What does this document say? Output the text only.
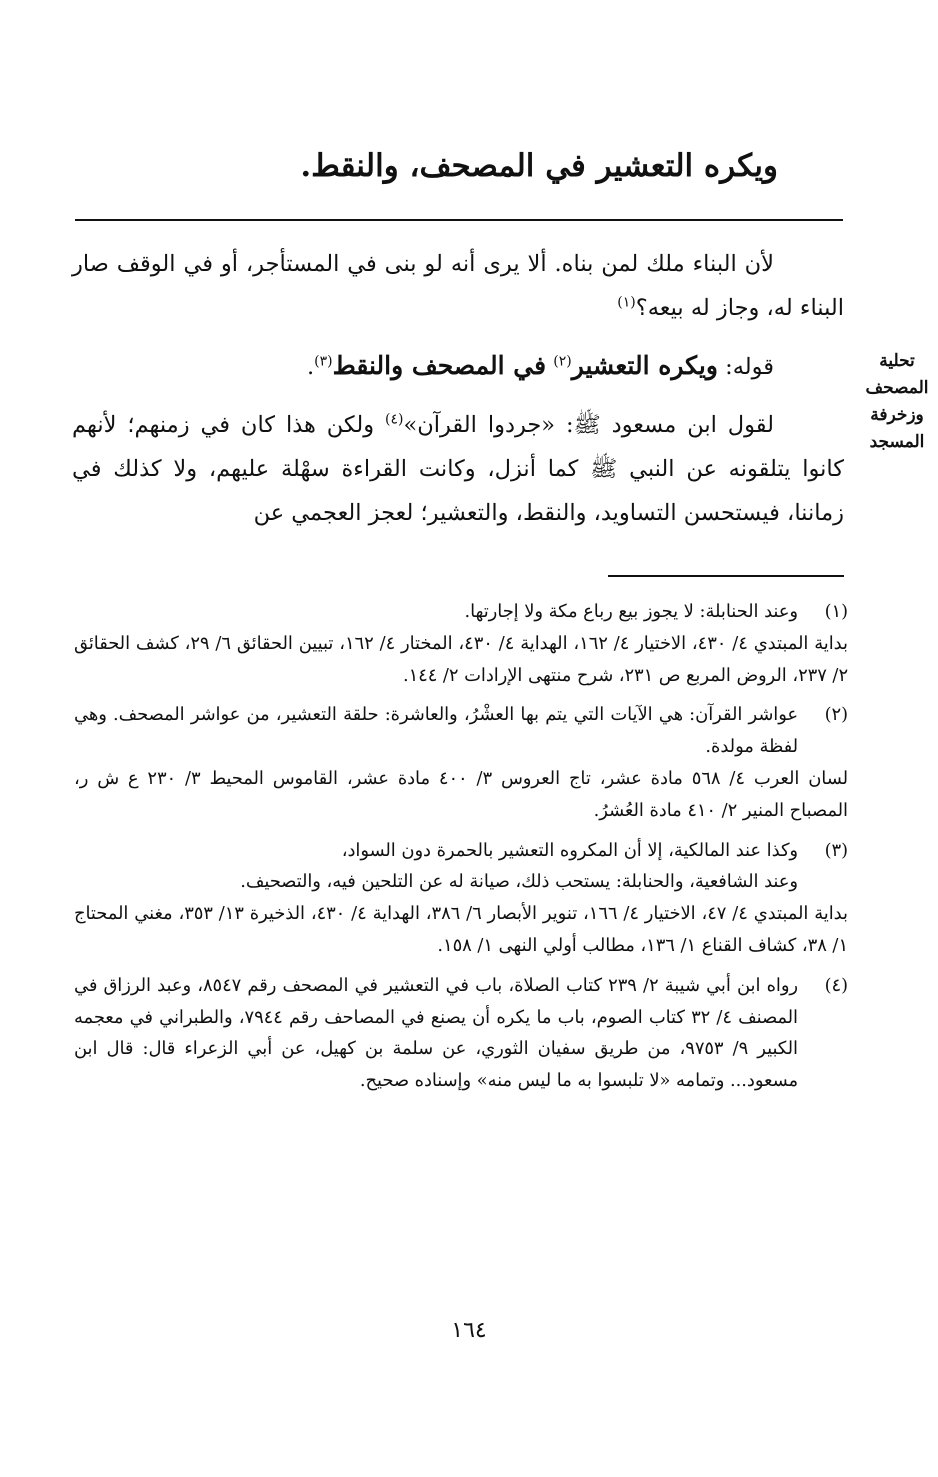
ويكره التعشير في المصحف، والنقط.
تحلية
المصحف
وزخرفة
المسجد

لأن البناء ملك لمن بناه. ألا يرى أنه لو بنى في المستأجر، أو في الوقف صار البناء له، وجاز له بيعه؟$^{(١)}$

قوله: ويكره التعشير$^{(٢)}$ في المصحف والنقط$^{(٣)}$.

لقول ابن مسعود ﷺ: «جردوا القرآن»$^{(٤)}$ ولكن هذا كان في زمنهم؛ لأنهم كانوا يتلقونه عن النبي ﷺ كما أنزل، وكانت القراءة سهْلة عليهم، ولا كذلك في زماننا، فيستحسن التساويد، والنقط، والتعشير؛ لعجز العجمي عن

(١)

وعند الحنابلة: لا يجوز بيع رباع مكة ولا إجارتها.

بداية المبتدي ٤/ ٤٣٠، الاختيار ٤/ ١٦٢، الهداية ٤/ ٤٣٠، المختار ٤/ ١٦٢، تبيين الحقائق ٦/ ٢٩، كشف الحقائق ٢/ ٢٣٧، الروض المربع ص ٢٣١، شرح منتهى الإرادات ٢/ ١٤٤.

(٢)

عواشر القرآن: هي الآيات التي يتم بها العشْرُ، والعاشرة: حلقة التعشير، من عواشر المصحف. وهي لفظة مولدة.

لسان العرب ٤/ ٥٦٨ مادة عشر، تاج العروس ٣/ ٤٠٠ مادة عشر، القاموس المحيط ٣/ ٢٣٠ ع ش ر، المصباح المنير ٢/ ٤١٠ مادة العُشرُ.

(٣)

وكذا عند المالكية، إلا أن المكروه التعشير بالحمرة دون السواد،

وعند الشافعية، والحنابلة: يستحب ذلك، صيانة له عن التلحين فيه، والتصحيف.

بداية المبتدي ٤/ ٤٧، الاختيار ٤/ ١٦٦، تنوير الأبصار ٦/ ٣٨٦، الهداية ٤/ ٤٣٠، الذخيرة ١٣/ ٣٥٣، مغني المحتاج ١/ ٣٨، كشاف القناع ١/ ١٣٦، مطالب أولي النهى ١/ ١٥٨.

(٤)

رواه ابن أبي شيبة ٢/ ٢٣٩ كتاب الصلاة، باب في التعشير في المصحف رقم ٨٥٤٧، وعبد الرزاق في المصنف ٤/ ٣٢ كتاب الصوم، باب ما يكره أن يصنع في المصاحف رقم ٧٩٤٤، والطبراني في معجمه الكبير ٩/ ٩٧٥٣، من طريق سفيان الثوري، عن سلمة بن كهيل، عن أبي الزعراء قال: قال ابن مسعود... وتمامه «لا تلبسوا به ما ليس منه» وإسناده صحيح.

١٦٤
